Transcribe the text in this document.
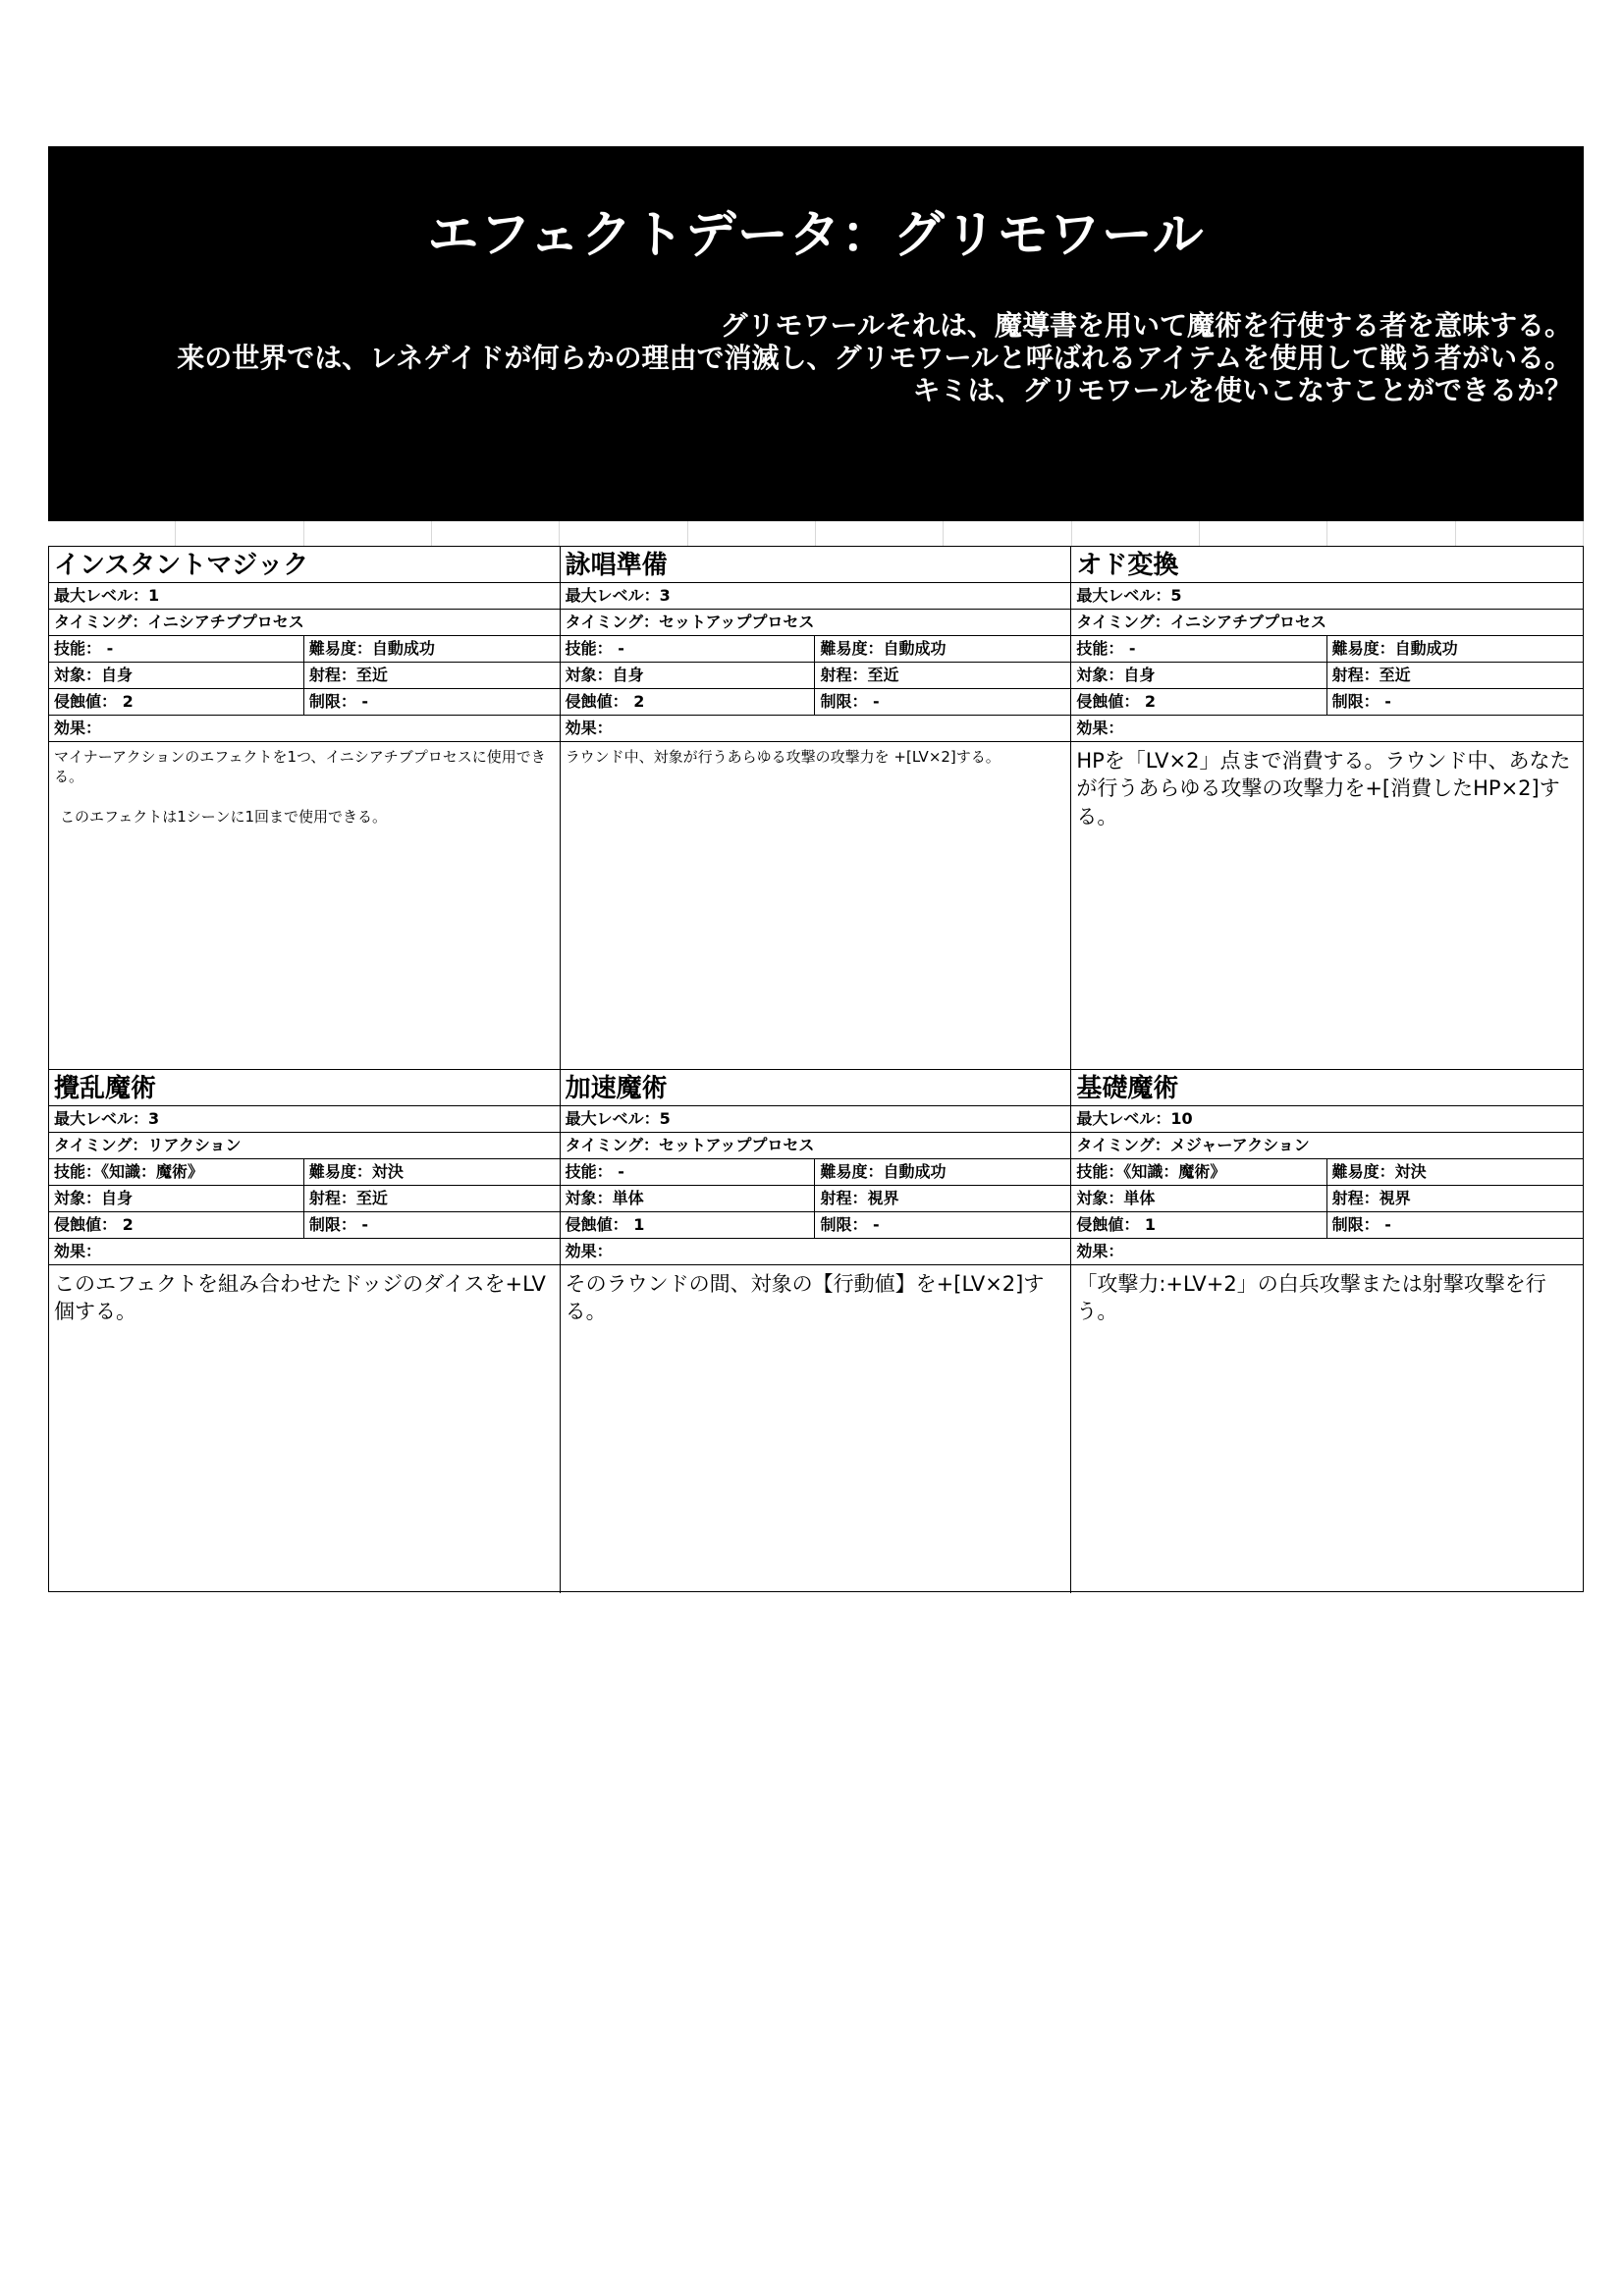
エフェクトデータ：グリモワール
グリモワールそれは、魔導書を用いて魔術を行使する者を意味する。
来の世界では、レネゲイドが何らかの理由で消滅し、グリモワールと呼ばれるアイテムを使用して戦う者がいる。
キミは、グリモワールを使いこなすことができるか？
インスタントマジック
最大レベル：1
タイミング：イニシアチブプロセス
技能： -	難易度：自動成功
対象：自身	射程：至近
侵蝕値： 2	制限： -
効果：

マイナーアクションのエフェクトを1つ、イニシアチブプロセスに使用できる。

このエフェクトは1シーンに1回まで使用できる。

詠唱準備
最大レベル：3
タイミング：セットアッププロセス
技能： -	難易度：自動成功
対象：自身	射程：至近
侵蝕値： 2	制限： -
効果：

ラウンド中、対象が行うあらゆる攻撃の攻撃力を +[LV×2]する。

オド変換
最大レベル：5
タイミング：イニシアチブプロセス
技能： -	難易度：自動成功
対象：自身	射程：至近
侵蝕値： 2	制限： -
効果：

HPを「LV×2」点まで消費する。ラウンド中、あなたが行うあらゆる攻撃の攻撃力を+[消費したHP×2]する。

攪乱魔術
最大レベル：3
タイミング：リアクション
技能：《知識：魔術》	難易度：対決
対象：自身	射程：至近
侵蝕値： 2	制限： -
効果：

このエフェクトを組み合わせたドッジのダイスを+LV個する。

加速魔術
最大レベル：5
タイミング：セットアッププロセス
技能： -	難易度：自動成功
対象：単体	射程：視界
侵蝕値： 1	制限： -
効果：

そのラウンドの間、対象の【行動値】を+[LV×2]する。

基礎魔術
最大レベル：10
タイミング：メジャーアクション
技能：《知識：魔術》	難易度：対決
対象：単体	射程：視界
侵蝕値： 1	制限： -
効果：

「攻撃力:+LV+2」の白兵攻撃または射撃攻撃を行う。
